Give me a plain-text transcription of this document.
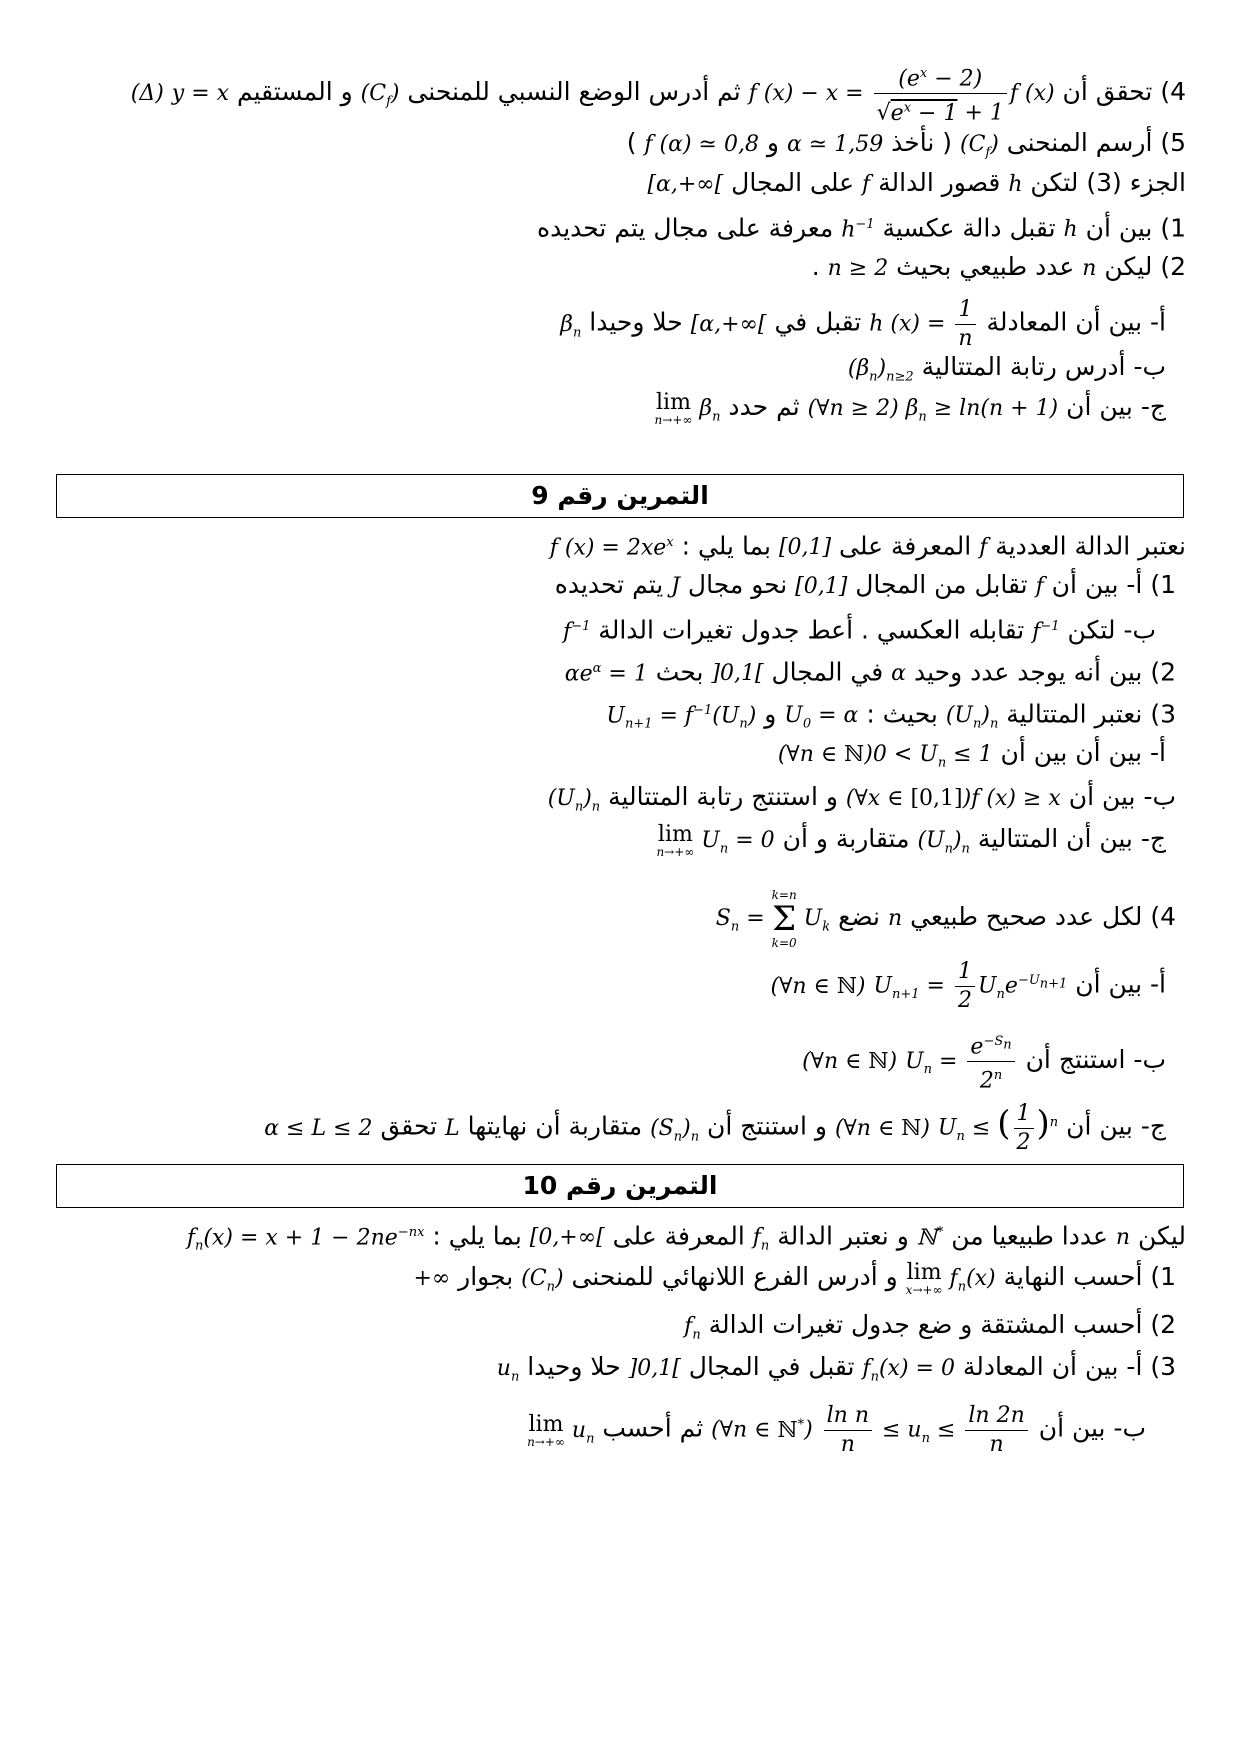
4) تحقق أن f $(x) - x = \frac{(e^x - 2)}{√e^x - 1 + 1}$ f (x) ثم أدرس الوضع النسبي للمنحنى $(C_f)$ و المستقيم y = x (Δ)
5) أرسم المنحنى $(C_f)$ ( نأخذ α ≃ 1,59 و f (α) ≃ 0,8 )
الجزء (3) لتكن h قصور الدالة f على المجال [α,+∞[
1) بين أن h تقبل دالة عكسية $h^{-1}$ معرفة على مجال يتم تحديده
2) ليكن n عدد طبيعي بحيث n ≥ 2 .
أ- بين أن المعادلة h $(x) = \frac{1}{n}$
تقبل في [α,+∞[ حلا وحيدا $\beta_n$
ب- أدرس رتابة المتتالية $(\beta_n)_{n\ge 2}$
ج- بين أن (∀n ≥ 2) $\beta_n \ge \ln(n + 1)$ ثم حدد lim
n→+∞ $\beta_n$
التمرين رقم 9
نعتبر الدالة العددية f المعرفة على [0,1] بما يلي : f $(x) = 2xe^x$
1) أ- بين أن f تقابل من المجال [0,1] نحو مجال J يتم تحديده
ب- لتكن $f^{-1}$ تقابله العكسي . أعط جدول تغيرات الدالة $f^{-1}$
2) بين أنه يوجد عدد وحيد α في المجال ]0,1[ بحث $\alpha e^\alpha = 1$
3) نعتبر المتتالية $(U_n)_n$ بحيث : $U_0 = \alpha$ و $U_{n+1} = f^{-1}(U_n)$
أ- بين أن بين أن $0 < U_n$ ≤ 1(∀n ∈ ℕ)
ب- بين أن f (x) ≥ x(∀x ∈ [0,1]) و استنتج رتابة المتتالية $(U_n)_n$
ج- بين أن المتتالية $(U_n)_n$ متقاربة و أن lim
n→+∞ $U_n = 0$
4) لكل عدد صحيح طبيعي n نضع $S_n$ =
k=n
Σ
k=0
$U_k$
أ- بين أن $U_{n+1} = \frac{1}{2} U_ne^{-U_{n+1}}$ (∀n ∈ ℕ)
ب- استنتج أن $U_n = \frac{e^{-S_n}}{2^n}$
(∀n ∈ ℕ)
ج- بين أن $U_n$ ≤ ( $\frac{1}{2} )^n$ (∀n ∈ ℕ) و استنتج أن $(S_n)_n$ متقاربة أن نهايتها L تحقق α ≤ L ≤ 2
التمرين رقم 10
ليكن n عددا طبيعيا من ℕ* و نعتبر الدالة $f_n$ المعرفة على [0,+∞[ بما يلي : $f_n(x) = x + 1 - 2ne^{-nx}$
1) أحسب النهاية lim
x→+∞ $f_n(x)$ و أدرس الفرع اللانهائي للمنحنى $(C_n)$ بجوار +∞
2) أحسب المشتقة و ضع جدول تغيرات الدالة $f_n$
3) أ- بين أن المعادلة $f_n(x) = 0$ تقبل في المجال ]0,1[ حلا وحيدا $u_n$
ب- بين أن
$\frac{\text{ln n}}{n} \le u_n \le \frac{\ln 2n}{n}$
(∀n ∈ ℕ*) ثم أحسب lim
n→+∞ $u_n$
